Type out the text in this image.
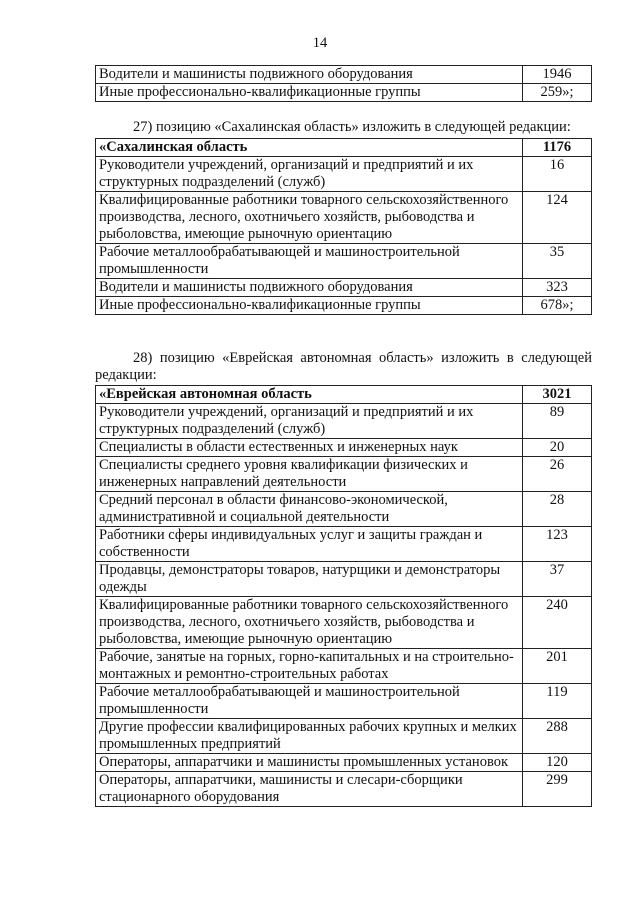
14
Водители и машинисты подвижного оборудования	1946
Иные профессионально-квалификационные группы	259»;
27) позицию «Сахалинская область» изложить в следующей редакции:
«Сахалинская область	1176
Руководители учреждений, организаций и предприятий и их структурных подразделений (служб)	16
Квалифицированные работники товарного сельскохозяйственного производства, лесного, охотничьего хозяйств, рыбоводства и рыболовства, имеющие рыночную ориентацию	124
Рабочие металлообрабатывающей и машиностроительной промышленности	35
Водители и машинисты подвижного оборудования	323
Иные профессионально-квалификационные группы	678»;
28) позицию «Еврейская автономная область» изложить в следующей редакции:
«Еврейская автономная область	3021
Руководители учреждений, организаций и предприятий и их структурных подразделений (служб)	89
Специалисты в области естественных и инженерных наук	20
Специалисты среднего уровня квалификации физических и инженерных направлений деятельности	26
Средний персонал в области финансово-экономической, административной и социальной деятельности	28
Работники сферы индивидуальных услуг и защиты граждан и собственности	123
Продавцы, демонстраторы товаров, натурщики и демонстраторы одежды	37
Квалифицированные работники товарного сельскохозяйственного производства, лесного, охотничьего хозяйств, рыбоводства и рыболовства, имеющие рыночную ориентацию	240
Рабочие, занятые на горных, горно-капитальных и на строительно-монтажных и ремонтно-строительных работах	201
Рабочие металлообрабатывающей и машиностроительной промышленности	119
Другие профессии квалифицированных рабочих крупных и мелких промышленных предприятий	288
Операторы, аппаратчики и машинисты промышленных установок	120
Операторы, аппаратчики, машинисты и слесари-сборщики стационарного оборудования	299
